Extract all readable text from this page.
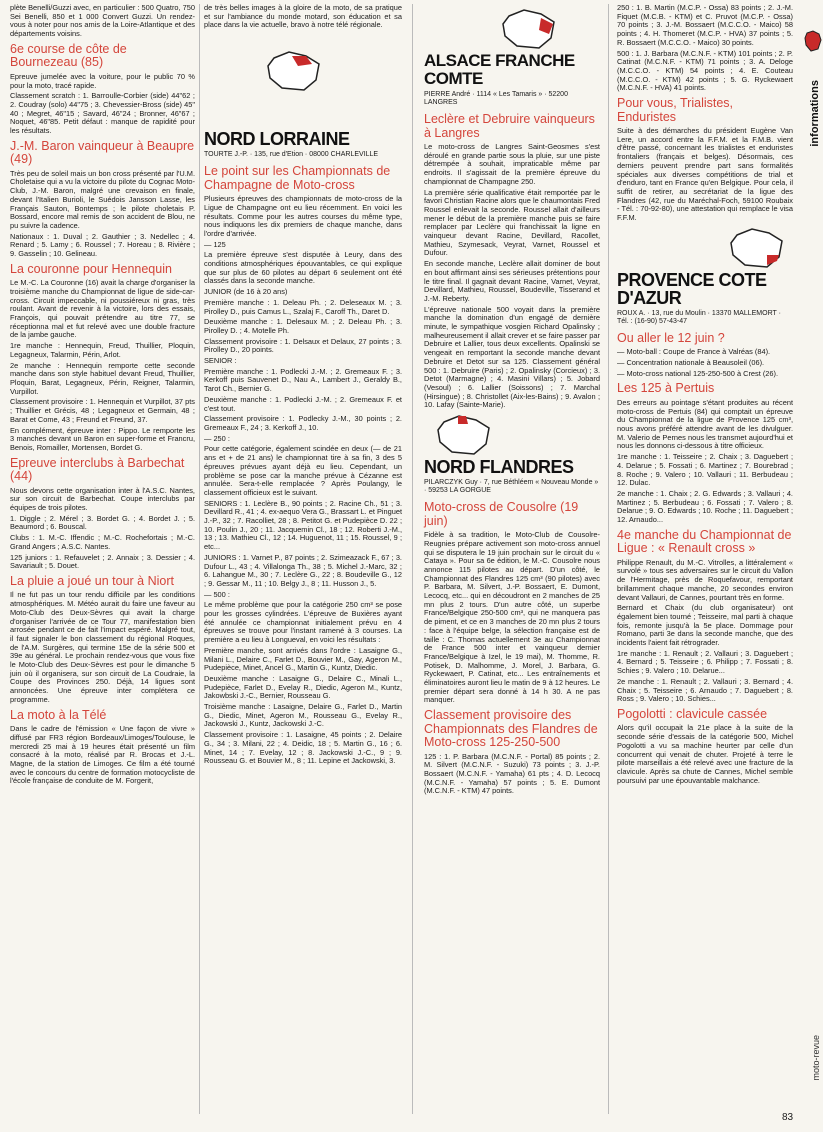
plète Benelli/Guzzi avec, en particulier : 500 Quatro, 750 Sei Benelli, 850 et 1 000 Convert Guzzi. Un rendez-vous à noter pour nos amis de la Loire-Atlantique et des départements voisins.

6e course de côte de Bournezeau (85)

Epreuve jumelée avec la voiture, pour le public 70 % pour la moto, tracé rapide.

Classement scratch : 1. Barroulle-Corbier (side) 44"62 ; 2. Coudray (solo) 44"75 ; 3. Chevessier-Bross (side) 45" 40 ; Megret, 46"15 ; Savard, 46"24 ; Bronner, 46"67 ; Noquet, 46"85. Petit défaut : manque de rapidité pour les résultats.

J.-M. Baron vainqueur à Beaupre (49)

Très peu de soleil mais un bon cross présenté par l'U.M. Choletaise qui a vu la victoire du pilote du Cognac Moto-Club, J.-M. Baron, malgré une crevaison en finale, devant l'Italien Burioli, le Suédois Jansson Lasse, les Français Sauton, Bontemps ; le pilote choletais P. Bossard, encore mal remis de son accident de Blou, ne pu suivre la cadence.

Nationaux : 1. Duval ; 2. Gauthier ; 3. Nedellec ; 4. Renard ; 5. Lamy ; 6. Roussel ; 7. Horeau ; 8. Rivière ; 9. Gasselin ; 10. Gelineau.

La couronne pour Hennequin

Le M.-C. La Couronne (16) avait la charge d'organiser la troisième manche du Championnat de ligue de side-car-cross. Circuit impeccable, ni poussiéreux ni gras, très roulant. Avant de revenir à la victoire, lors des essais, François, qui pouvait prétendre au titre 77, se réceptionna mal et fut relevé avec une double fracture de la jambe gauche.

1re manche : Hennequin, Freud, Thuillier, Ploquin, Legagneux, Talarmin, Périn, Arlot.

2e manche : Hennequin remporte cette seconde manche dans son style habituel devant Freud, Thuillier, Ploquin, Barat, Legagneux, Périn, Reigner, Talarmin, Vurpillot.

Classement provisoire : 1. Hennequin et Vurpillot, 37 pts ; Thuillier et Grécis, 48 ; Legagneux et Germain, 48 ; Barat et Come, 43 ; Freund et Freund, 37.

En complément, épreuve inter : Pippo. Le remporte les 3 manches devant un Baron en super-forme et Francru, Benois, Romailler, Mortensen, Bordet G.

Epreuve interclubs à Barbechat (44)

Nous devons cette organisation inter à l'A.S.C. Nantes, sur son circuit de Barbechat. Coupe interclubs par équipes de trois pilotes.

1. Diggle ; 2. Mérel ; 3. Bordet G. ; 4. Bordet J. ; 5. Beaumord ; 6. Bouscal.

Clubs : 1. M.-C. Iffendic ; M.-C. Rochefortais ; M.-C. Grand Angers ; A.S.C. Nantes.

125 juniors : 1. Refauvelet ; 2. Annaix ; 3. Dessier ; 4. Savariault ; 5. Douet.

La pluie a joué un tour à Niort

Il ne fut pas un tour rendu difficile par les conditions atmosphériques. M. Météo aurait du faire une faveur au Moto-Club des Deux-Sèvres qui avait la charge d'organiser l'arrivée de ce Tour 77, manifestation bien arrosée pendant ce de fait l'impact espéré. Malgré tout, il faut signaler le bon classement du régional Roques, de l'A.M. Surgères, qui termine 15e de la série 500 et 39e au général. Le prochain rendez-vous que vous fixe le Moto-Club des Deux-Sèvres est pour le dimanche 5 juin où il organisera, sur son circuit de La Coudraie, la Coupe des Provinces 250. Déjà, 14 ligues sont annoncées. Une épreuve inter complétera ce programme.

La moto à la Télé

Dans le cadre de l'émission « Une façon de vivre » diffusé par FR3 région Bordeaux/Limoges/Toulouse, le mercredi 25 mai à 19 heures était présenté un film consacré à la moto, réalisé par R. Brocas et J.-L. Magne, de la station de Limoges. Ce film a été tourné avec le concours du centre de formation motocycliste de l'école française de conduite de M. Forgerit,

de très belles images à la gloire de la moto, de sa pratique et sur l'ambiance du monde motard, son éducation et sa place dans la vie actuelle, bravo à notre télé régionale.

NORD LORRAINE
TOURTE J.-P. · 135, rue d'Etion · 08000 CHARLEVILLE
Le point sur les Championnats de Champagne de Moto-cross

Plusieurs épreuves des championnats de moto-cross de la Ligue de Champagne ont eu lieu récemment. En voici les résultats. Comme pour les autres courses du même type, nous indiquons les dix premiers de chaque manche, dans l'ordre d'arrivée.

— 125

La première épreuve s'est disputée à Leury, dans des conditions atmosphériques épouvantables, ce qui explique que sur plus de 60 pilotes au départ 6 seulement ont été classés dans la seconde manche.

JUNIOR (de 16 à 20 ans)

Première manche : 1. Deleau Ph. ; 2. Deleseaux M. ; 3. Pirolley D., puis Camus L., Szalaj F., Caroff Th., Daret D.

Deuxième manche : 1. Delesaux M. ; 2. Deleau Ph. ; 3. Pirolley D. ; 4. Motelle Ph.

Classement provisoire : 1. Delsaux et Delaux, 27 points ; 3. Pirolley D., 20 points.

SENIOR :

Première manche : 1. Podlecki J.-M. ; 2. Gremeaux F. ; 3. Kerkoff puis Sauvenet D., Nau A., Lambert J., Geraldy B., Tarot Ch., Bernier G.

Deuxième manche : 1. Podlecki J.-M. ; 2. Gremeaux F. et c'est tout.

Classement provisoire : 1. Podlecky J.-M., 30 points ; 2. Gremeaux F., 24 ; 3. Kerkoff J., 10.

— 250 :

Pour cette catégorie, également scindée en deux (— de 21 ans et + de 21 ans) le championnat tire à sa fin, 3 des 5 épreuves prévues ayant déjà eu lieu. Cependant, un problème se pose car la manche prévue à Cézanne est annulée. Sera-t-elle remplacée ? Après Poulangy, le classement officieux est le suivant.

SENIORS : 1. Leclère B., 90 points ; 2. Racine Ch., 51 ; 3. Devillard R., 41 ; 4. ex-aequo Vera G., Brassart L. et Pinguet J.-P., 32 ; 7. Racolliet, 28 ; 8. Petitot G. et Pudepièce D. 22 ; 10. Poulin J., 20 ; 11. Jacquemin Cl., 18 ; 12. Roberti J.-M., 13 ; 13. Mathieu Cl., 12 ; 14. Huguenot, 11 ; 15. Roussel, 9 ; etc...

JUNIORS : 1. Varnet P., 87 points ; 2. Szimeazack F., 67 ; 3. Dufour L., 43 ; 4. Villalonga Th., 38 ; 5. Michel J.-Marc, 32 ; 6. Lahangue M., 30 ; 7. Leclère G., 22 ; 8. Boudeville G., 12 ; 9. Gessar M., 11 ; 10. Belgy J., 8 ; 11. Husson J., 5.

— 500 :

Le même problème que pour la catégorie 250 cm³ se pose pour les grosses cylindrées. L'épreuve de Buxières ayant été annulée ce championnat initialement prévu en 4 épreuves se trouve pour l'instant ramené à 3 courses. La première a eu lieu à Longueval, en voici les résultats :

Première manche, sont arrivés dans l'ordre : Lasaigne G., Milani L., Delaire C., Farlet D., Bouvier M., Gay, Ageron M., Pudepièce, Minet, Ancel G., Martin G., Kuntz, Diedic.

Deuxième manche : Lasaigne G., Delaire C., Minali L., Pudepièce, Farlet D., Evelay R., Diedic, Ageron M., Kuntz, Jakowbski J.-C., Bernier, Rousseau G.

Troisième manche : Lasaigne, Delaire G., Farlet D., Martin G., Diedic, Minet, Ageron M., Rousseau G., Evelay R., Jackowski J., Kuntz, Jackowski J.-C.

Classement provisoire : 1. Lasaigne, 45 points ; 2. Delaire G., 34 ; 3. Milani, 22 ; 4. Deidic, 18 ; 5. Martin G., 16 ; 6. Minet, 14 ; 7. Evelay, 12 ; 8. Jackowski J.-C., 9 ; 9. Rousseau G. et Bouvier M., 8 ; 11. Lepine et Jackowski, 3.

ALSACE FRANCHE COMTE
PIERRE André · 1114 « Les Tamaris » · 52200 LANGRES
Leclère et Debruire vainqueurs à Langres

Le moto-cross de Langres Saint-Geosmes s'est déroulé en grande partie sous la pluie, sur une piste détrempée à souhait, impraticable même par endroits. Il s'agissait de la première épreuve du championnat de Champagne 250.

La première série qualificative était remportée par le favori Christian Racine alors que le chaumontais Fred Roussel enlevait la seconde. Roussel allait d'ailleurs mener le début de la première manche puis se faire remplacer par Leclère qui franchissait la ligne en vainqueur devant Racine, Devillard, Racollet, Mathieu, Szymesack, Veyrat, Varnet, Roussel et Dufour.

En seconde manche, Leclère allait dominer de bout en bout affirmant ainsi ses sérieuses prétentions pour le titre final. Il gagnait devant Racine, Varnet, Veyrat, Devillard, Mathieu, Roussel, Boudeville, Tisserand et J.-M. Reberty.

L'épreuve nationale 500 voyait dans la première manche la domination d'un engagé de dernière minute, le sympathique vosgien Richard Opalinsky ; malheureusement il allait crever et se faire passer par Debruire et Lallier, tous deux excellents. Opalinski se vengeait en remportant la seconde manche devant Debruire et Detot sur sa 125. Classement général 500 : 1. Debruire (Paris) ; 2. Opalinsky (Corcieux) ; 3. Detot (Marmagne) ; 4. Masini Villars) ; 5. Jobard (Vesoul) ; 6. Lallier (Soissons) ; 7. Marchal (Hirsingue) ; 8. Christollet (Aix-les-Bains) ; 9. Avalon ; 10. Lafay (Sainte-Marie).

NORD FLANDRES
PILARCZYK Guy · 7, rue Béthléem « Nouveau Monde » · 59253 LA GORGUE
Moto-cross de Cousolre (19 juin)

Fidèle à sa tradition, le Moto-Club de Cousolre-Reugnies prépare activement son moto-cross annuel qui se disputera le 19 juin prochain sur le circuit du « Cataya ». Pour sa 6e édition, le M.-C. Cousolre nous annonce 115 pilotes au départ. D'un côté, le Championnat des Flandres 125 cm³ (90 pilotes) avec P. Barbara, M. Silvert, J.-P. Bossaert, E. Dumont, Lecocq, etc... qui en découdront en 2 manches de 25 mn plus 2 tours. D'un autre côté, un superbe France/Belgique 250-500 cm³, qui ne manquera pas de piment, et ce en 3 manches de 20 mn plus 2 tours : face à l'équipe belge, la sélection française est de taille : C. Thomas actuellement 3e au Championnat de France 500 inter et vainqueur dernier France/Belgique à Izel, le 19 mai), M. Thomme, R. Potisek, D. Malhomme, J. Morel, J. Barbara, G. Ryckewaert, P. Catinat, etc... Les entraînements et éliminatoires auront lieu le matin de 9 à 12 heures. Le premier départ sera donné à 14 h 30. A ne pas manquer.

Classement provisoire des Championnats des Flandres de Moto-cross 125-250-500

125 : 1. P. Barbara (M.C.N.F. - Portal) 85 points ; 2. M. Silvert (M.C.N.F. - Suzuki) 73 points ; 3. J.-P. Bossaert (M.C.N.F. - Yamaha) 61 pts ; 4. D. Lecocq (M.C.N.F. - Yamaha) 57 points ; 5. E. Dumont (M.C.N.F. - KTM) 47 points.

250 : 1. B. Martin (M.C.P. - Ossa) 83 points ; 2. J.-M. Fiquet (M.C.B. - KTM) et C. Pruvot (M.C.P. - Ossa) 70 points ; 3. J.-M. Bossaert (M.C.C.O. - Maico) 58 points ; 4. H. Thomeret (M.C.P. - HVA) 37 points ; 5. R. Bossaert (M.C.C.O. - Maico) 30 points.

500 : 1. J. Barbara (M.C.N.F. - KTM) 101 points ; 2. P. Catinat (M.C.N.F. - KTM) 71 points ; 3. A. Deloge (M.C.C.O. - KTM) 54 points ; 4. E. Couteau (M.C.C.O. - KTM) 42 points ; 5. G. Ryckewaert (M.C.N.F. - HVA) 41 points.

Pour vous, Trialistes, Enduristes

Suite à des démarches du président Eugène Van Lere, un accord entre la F.F.M. et la F.M.B. vient d'être passé, concernant les trialistes et enduristes frontaliers (français et belges). Désormais, ces derniers peuvent prendre part sans formalités spéciales aux diverses compétitions de trial et d'enduro, tant en France qu'en Belgique. Pour cela, il suffit de retirer, au secrétariat de la ligue des Flandres (42, rue du Maréchal-Foch, 59100 Roubaix - Tél. : 70-92-80), une attestation qui remplace le visa F.F.M.

PROVENCE COTE D'AZUR
ROUX A. · 13, rue du Moulin · 13370 MALLEMORT · Tél. : (16-90) 57-43-47
Ou aller le 12 juin ?

— Moto-ball : Coupe de France à Valréas (84).

— Concentration nationale à Beausoleil (06).

— Moto-cross national 125-250-500 à Crest (26).

Les 125 à Pertuis

Des erreurs au pointage s'étant produites au récent moto-cross de Pertuis (84) qui comptait un épreuve du Championnat de la ligue de Provence 125 cm³, nous avons préféré attendre avant de les divulguer. M. Valerio de Pernes nous les transmet aujourd'hui et nous les donnons ci-dessous à titre officieux.

1re manche : 1. Teisseire ; 2. Chaix ; 3. Daguebert ; 4. Delaruе ; 5. Fossati ; 6. Martinez ; 7. Bourebrad ; 8. Roche ; 9. Valero ; 10. Vallauri ; 11. Berbudeau ; 12. Dulac.

2e manche : 1. Chaix ; 2. G. Edwards ; 3. Vallauri ; 4. Martinez ; 5. Berbudeau ; 6. Fossati ; 7. Valero ; 8. Delaruе ; 9. O. Edwards ; 10. Roche ; 11. Daguebert ; 12. Arnaudo...

4e manche du Championnat de Ligue : « Renault cross »

Philippe Renault, du M.-C. Vitrolles, a littéralement « survolé » tous ses adversaires sur le circuit du Vallon de l'Hermitage, près de Roquefavour, remportant brillamment chaque manche, 20 secondes environ devant Vallauri, de Cannes, pourtant très en forme.

Bernard et Chaix (du club organisateur) ont également bien tourné ; Teisseire, mal parti à chaque fois, remonte jusqu'à la 5e place. Dommage pour Romano, parti 3e dans la seconde manche, que des incidents l'aient fait rétrograder.

1re manche : 1. Renault ; 2. Vallauri ; 3. Daguebert ; 4. Bernard ; 5. Teisseire ; 6. Philipp ; 7. Fossati ; 8. Schies ; 9. Valero ; 10. Delarue...

2e manche : 1. Renault ; 2. Vallauri ; 3. Bernard ; 4. Chaix ; 5. Teisseire ; 6. Arnaudo ; 7. Daguebert ; 8. Ross ; 9. Valero ; 10. Schies...

Pogolotti : clavicule cassée

Alors qu'il occupait la 21e place à la suite de la seconde série d'essais de la catégorie 500, Michel Pogolotti a vu sa machine heurter par celle d'un concurrent qui venait de chuter. Projeté à terre le pilote marseillais a été relevé avec une fracture de la clavicule. Après sa chute de Cannes, Michel semble poursuivi par une épouvantable malchance.

informations
moto-revue
83
